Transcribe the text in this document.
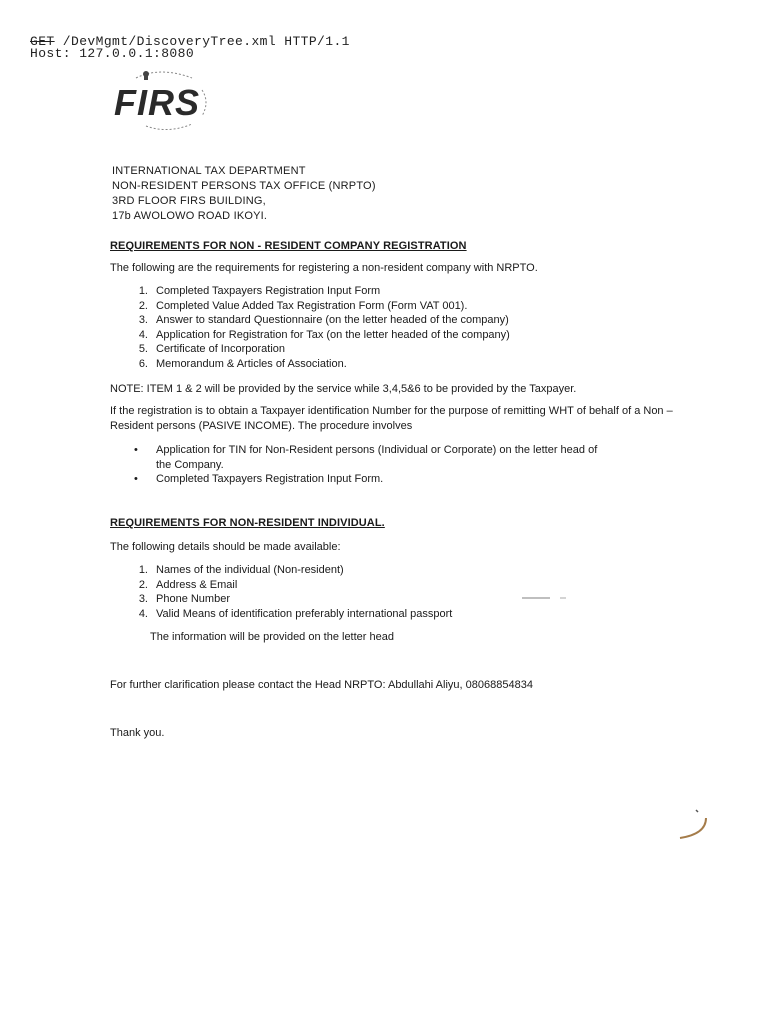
GET /DevMgmt/DiscoveryTree.xml HTTP/1.1
Host: 127.0.0.1:8080
FIRS
INTERNATIONAL TAX DEPARTMENT
NON-RESIDENT PERSONS TAX OFFICE (NRPTO)
3RD FLOOR FIRS BUILDING,
17b AWOLOWO ROAD IKOYI.
REQUIREMENTS FOR NON - RESIDENT COMPANY REGISTRATION
The following are the requirements for registering a non-resident company with NRPTO.
1. Completed Taxpayers Registration Input Form
2. Completed Value Added Tax Registration Form (Form VAT 001).
3. Answer to standard Questionnaire (on the letter headed of the company)
4. Application for Registration for Tax (on the letter headed of the company)
5. Certificate of Incorporation
6. Memorandum & Articles of Association.
NOTE: ITEM 1 & 2 will be provided by the service while 3,4,5&6 to be provided by the Taxpayer.
If the registration is to obtain a Taxpayer identification Number for the purpose of remitting WHT of behalf of a Non – Resident persons (PASIVE INCOME). The procedure involves
• Application for TIN for Non-Resident persons (Individual or Corporate) on the letter head of
the Company.
• Completed Taxpayers Registration Input Form.
REQUIREMENTS FOR NON-RESIDENT INDIVIDUAL.
The following details should be made available:
1. Names of the individual (Non-resident)
2. Address & Email
3. Phone Number
4. Valid Means of identification preferably international passport
The information will be provided on the letter head
For further clarification please contact the Head NRPTO: Abdullahi Aliyu, 08068854834
Thank you.
